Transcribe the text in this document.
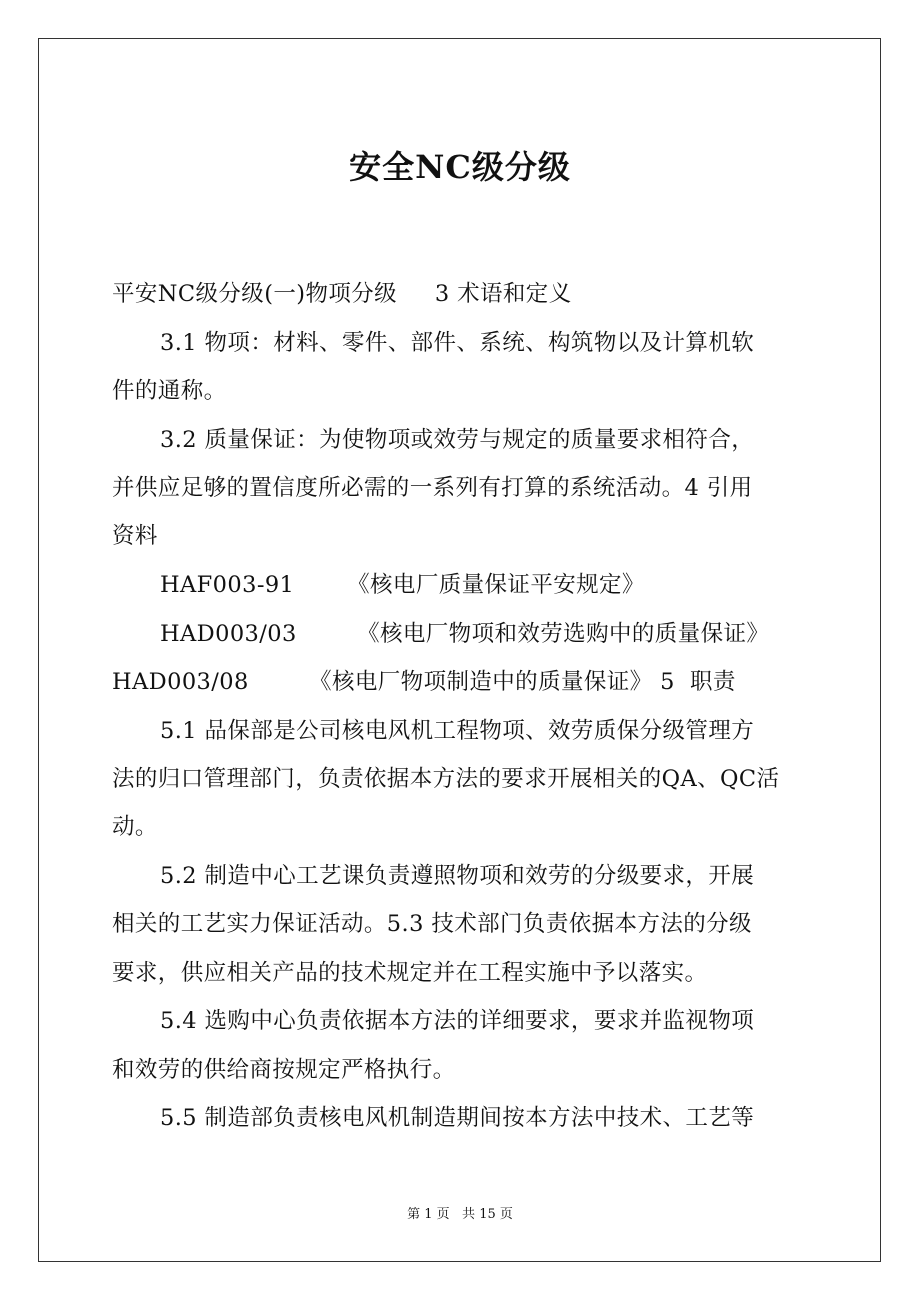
安全NC级分级
平安NC级分级(一)物项分级     3 术语和定义
3.1 物项：材料、零件、部件、系统、构筑物以及计算机软
件的通称。
3.2 质量保证：为使物项或效劳与规定的质量要求相符合，
并供应足够的置信度所必需的一系列有打算的系统活动。4 引用
资料
HAF003-91       《核电厂质量保证平安规定》
HAD003/03        《核电厂物项和效劳选购中的质量保证》
HAD003/08        《核电厂物项制造中的质量保证》 5  职责
5.1 品保部是公司核电风机工程物项、效劳质保分级管理方
法的归口管理部门，负责依据本方法的要求开展相关的QA、QC活
动。
5.2 制造中心工艺课负责遵照物项和效劳的分级要求，开展
相关的工艺实力保证活动。5.3 技术部门负责依据本方法的分级
要求，供应相关产品的技术规定并在工程实施中予以落实。
5.4 选购中心负责依据本方法的详细要求，要求并监视物项
和效劳的供给商按规定严格执行。
5.5 制造部负责核电风机制造期间按本方法中技术、工艺等
第 1 页   共 15 页
